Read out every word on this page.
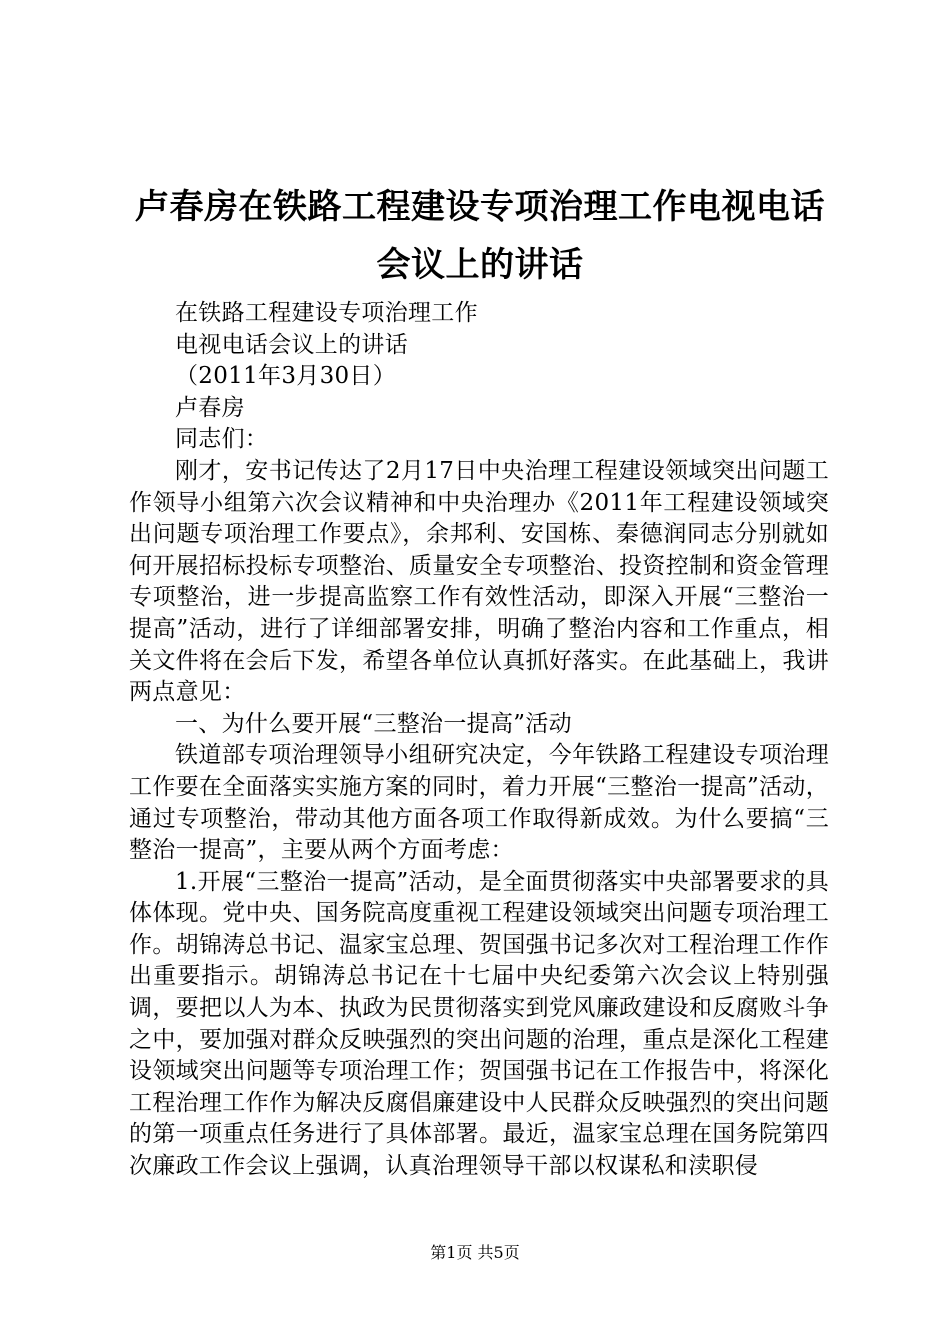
卢春房在铁路工程建设专项治理工作电视电话
会议上的讲话

在铁路工程建设专项治理工作

电视电话会议上的讲话

（2011年3月30日）

卢春房

同志们：

刚才，安书记传达了2月17日中央治理工程建设领域突出问题工作领导小组第六次会议精神和中央治理办《2011年工程建设领域突出问题专项治理工作要点》，余邦利、安国栋、秦德润同志分别就如何开展招标投标专项整治、质量安全专项整治、投资控制和资金管理专项整治，进一步提高监察工作有效性活动，即深入开展“三整治一提高”活动，进行了详细部署安排，明确了整治内容和工作重点，相关文件将在会后下发，希望各单位认真抓好落实。在此基础上，我讲两点意见：

一、为什么要开展“三整治一提高”活动

铁道部专项治理领导小组研究决定，今年铁路工程建设专项治理工作要在全面落实实施方案的同时，着力开展“三整治一提高”活动，通过专项整治，带动其他方面各项工作取得新成效。为什么要搞“三整治一提高”，主要从两个方面考虑：

1.开展“三整治一提高”活动，是全面贯彻落实中央部署要求的具体体现。党中央、国务院高度重视工程建设领域突出问题专项治理工作。胡锦涛总书记、温家宝总理、贺国强书记多次对工程治理工作作出重要指示。胡锦涛总书记在十七届中央纪委第六次会议上特别强调，要把以人为本、执政为民贯彻落实到党风廉政建设和反腐败斗争之中，要加强对群众反映强烈的突出问题的治理，重点是深化工程建设领域突出问题等专项治理工作；贺国强书记在工作报告中，将深化工程治理工作作为解决反腐倡廉建设中人民群众反映强烈的突出问题的第一项重点任务进行了具体部署。最近，温家宝总理在国务院第四次廉政工作会议上强调，认真治理领导干部以权谋私和渎职侵

第1页 共5页
